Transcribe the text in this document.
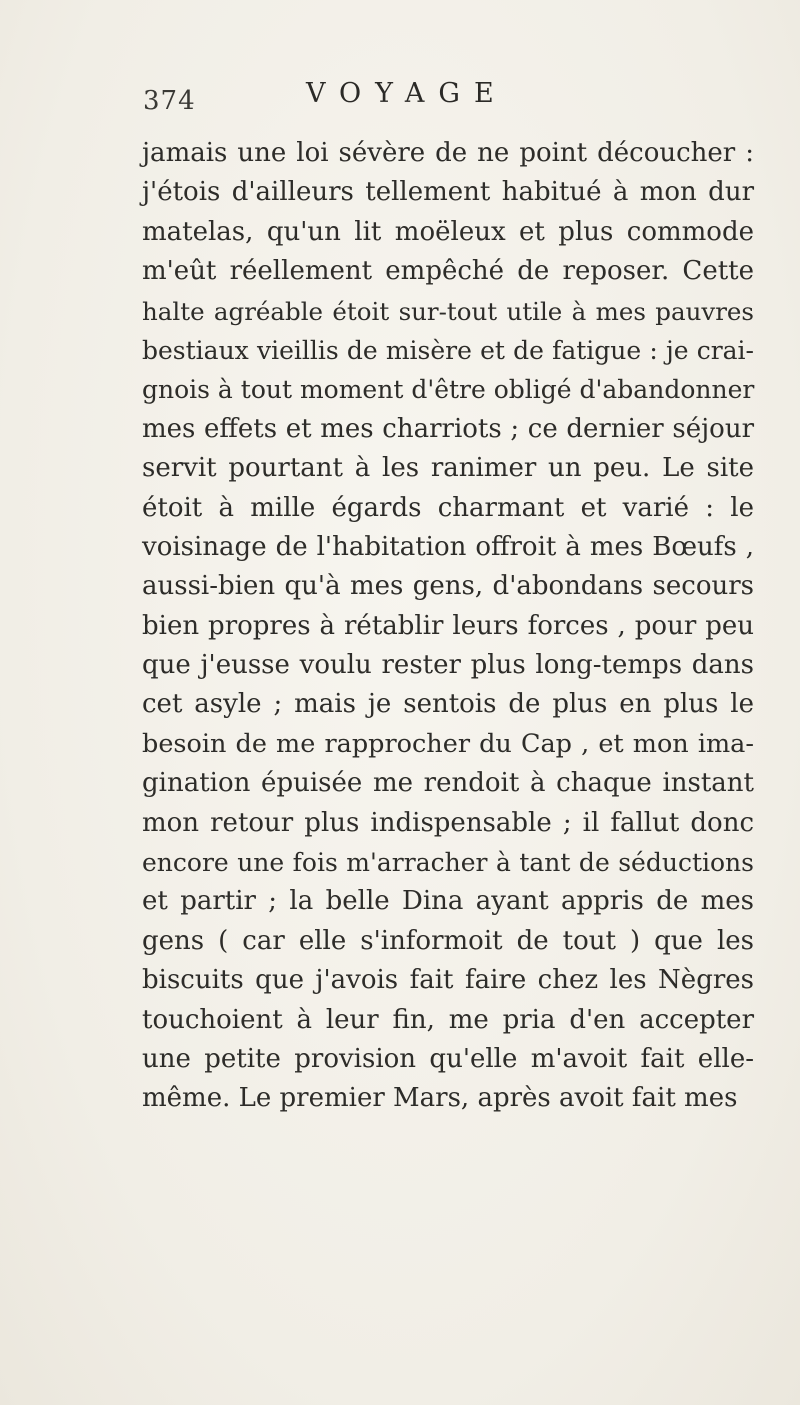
374	VOYAGE
jamais une loi sévère de ne point découcher :
j'étois d'ailleurs tellement habitué à mon dur
matelas, qu'un lit moëleux et plus commode
m'eût réellement empêché de reposer. Cette
halte agréable étoit sur-tout utile à mes pauvres
bestiaux vieillis de misère et de fatigue : je crai-
gnois à tout moment d'être obligé d'abandonner
mes effets et mes charriots ; ce dernier séjour
servit pourtant à les ranimer un peu. Le site
étoit à mille égards charmant et varié : le
voisinage de l'habitation offroit à mes Bœufs ,
aussi-bien qu'à mes gens, d'abondans secours
bien propres à rétablir leurs forces , pour peu
que j'eusse voulu rester plus long-temps dans
cet asyle ; mais je sentois de plus en plus le
besoin de me rapprocher du Cap , et mon ima-
gination épuisée me rendoit à chaque instant
mon retour plus indispensable ; il fallut donc
encore une fois m'arracher à tant de séductions
et partir ; la belle Dina ayant appris de mes
gens ( car elle s'informoit de tout ) que les
biscuits que j'avois fait faire chez les Nègres
touchoient à leur fin, me pria d'en accepter
une petite provision qu'elle m'avoit fait elle-
même. Le premier Mars, après avoit fait mes
